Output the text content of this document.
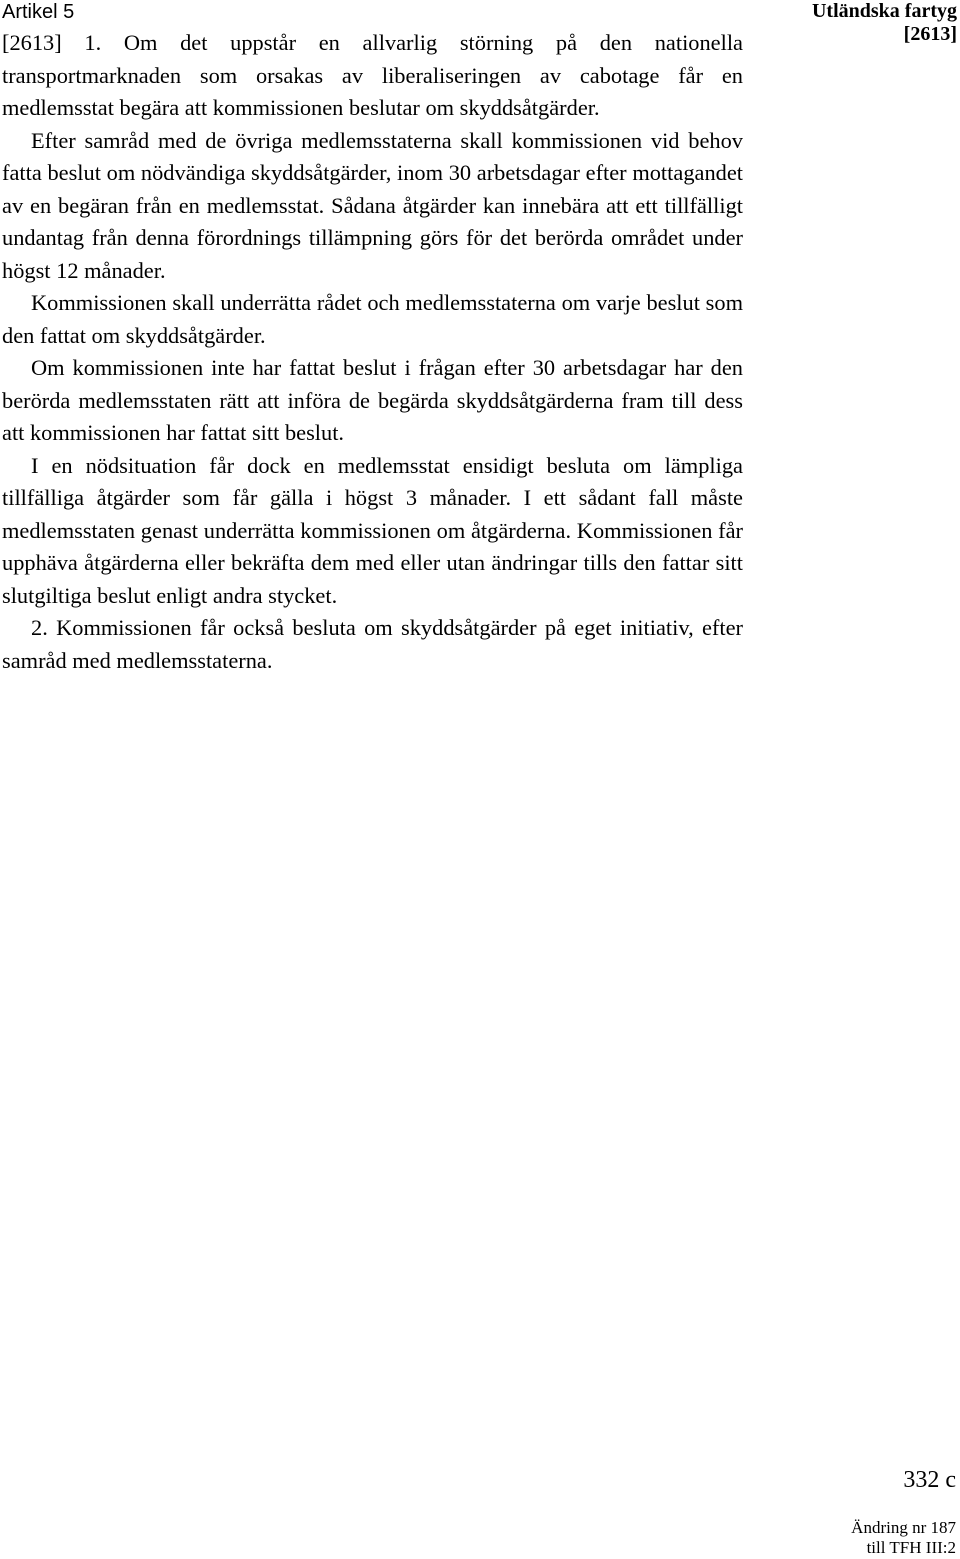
Artikel 5	Utländska fartyg
[2613]

[2613] 1. Om det uppstår en allvarlig störning på den nationella transportmarknaden som orsakas av liberaliseringen av cabotage får en medlemsstat begära att kommissionen beslutar om skyddsåtgärder.

Efter samråd med de övriga medlemsstaterna skall kommissionen vid behov fatta beslut om nödvändiga skyddsåtgärder, inom 30 arbetsdagar efter mottagandet av en begäran från en medlemsstat. Sådana åtgärder kan innebära att ett tillfälligt undantag från denna förordnings tillämpning görs för det berörda området under högst 12 månader.

Kommissionen skall underrätta rådet och medlemsstaterna om varje beslut som den fattat om skyddsåtgärder.

Om kommissionen inte har fattat beslut i frågan efter 30 arbetsdagar har den berörda medlemsstaten rätt att införa de begärda skyddsåtgärderna fram till dess att kommissionen har fattat sitt beslut.

I en nödsituation får dock en medlemsstat ensidigt besluta om lämpliga tillfälliga åtgärder som får gälla i högst 3 månader. I ett sådant fall måste medlemsstaten genast underrätta kommissionen om åtgärderna. Kommissionen får upphäva åtgärderna eller bekräfta dem med eller utan ändringar tills den fattar sitt slutgiltiga beslut enligt andra stycket.

2. Kommissionen får också besluta om skyddsåtgärder på eget initiativ, efter samråd med medlemsstaterna.

332 c
Ändring nr 187
till TFH III:2
